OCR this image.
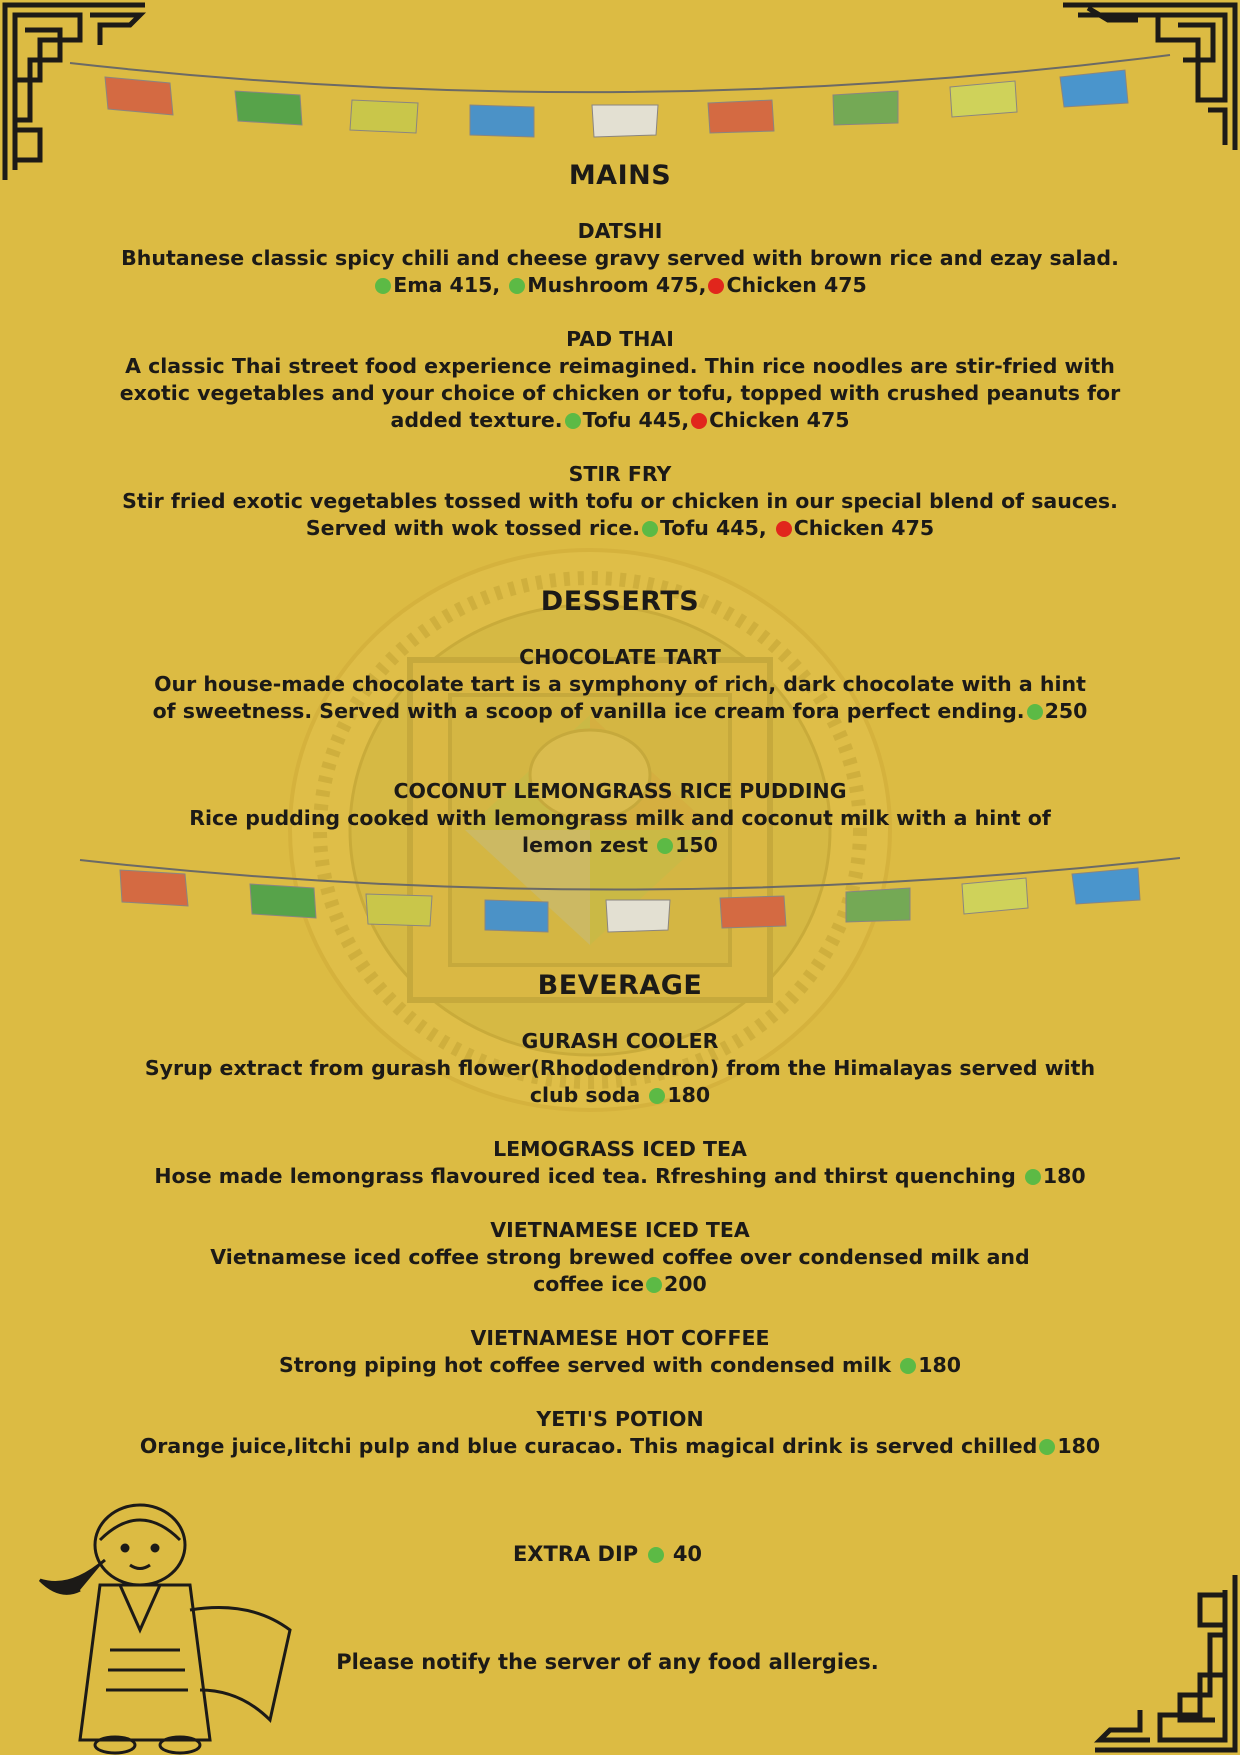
MAINS
DATSHI
Bhutanese classic spicy chili and cheese gravy served with brown rice and ezay salad.
Ema 415, Mushroom 475, Chicken 475
PAD THAI
A classic Thai street food experience reimagined. Thin rice noodles are stir-fried with
exotic vegetables and your choice of chicken or tofu, topped with crushed peanuts for
added texture. Tofu 445, Chicken 475
STIR FRY
Stir fried exotic vegetables tossed with tofu or chicken in our special blend of sauces.
Served with wok tossed rice. Tofu 445, Chicken 475
DESSERTS
CHOCOLATE TART
Our house-made chocolate tart is a symphony of rich, dark chocolate with a hint
of sweetness. Served with a scoop of vanilla ice cream fora perfect ending. 250
COCONUT LEMONGRASS RICE PUDDING
Rice pudding cooked with lemongrass milk and coconut milk with a hint of
lemon zest 150
BEVERAGE
GURASH COOLER
Syrup extract from gurash flower(Rhododendron) from the Himalayas served with
club soda 180
LEMOGRASS ICED TEA
Hose made lemongrass flavoured iced tea. Rfreshing and thirst quenching 180
VIETNAMESE ICED TEA
Vietnamese iced coffee strong brewed coffee over condensed milk and
coffee ice 200
VIETNAMESE HOT COFFEE
Strong piping hot coffee served with condensed milk 180
YETI'S POTION
Orange juice,litchi pulp and blue curacao. This magical drink is served chilled 180
EXTRA DIP  40
Please notify the server of any food allergies.
